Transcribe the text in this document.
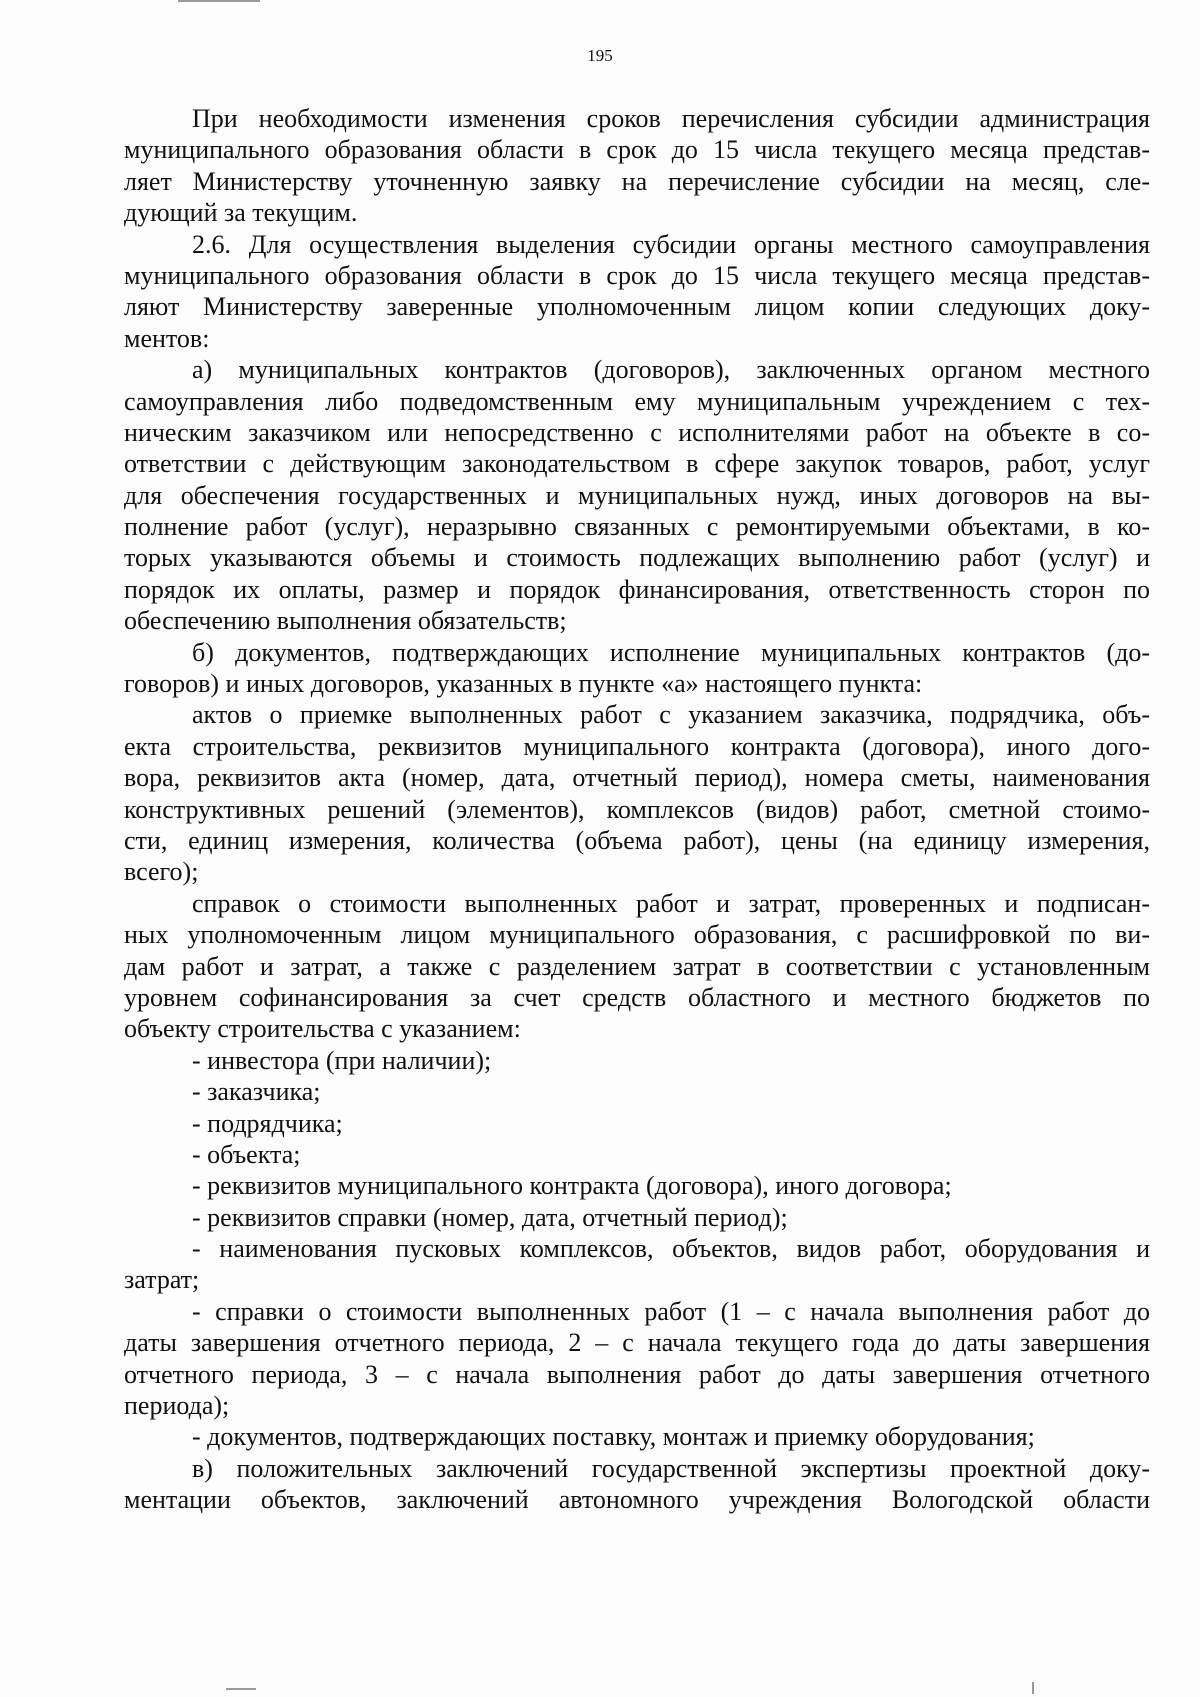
195
При необходимости изменения сроков перечисления субсидии администрация
муниципального образования области в срок до 15 числа текущего месяца представ-
ляет Министерству уточненную заявку на перечисление субсидии на месяц, сле-
дующий за текущим.
2.6. Для осуществления выделения субсидии органы местного самоуправления
муниципального образования области в срок до 15 числа текущего месяца представ-
ляют Министерству заверенные уполномоченным лицом копии следующих доку-
ментов:
а) муниципальных контрактов (договоров), заключенных органом местного
самоуправления либо подведомственным ему муниципальным учреждением с тех-
ническим заказчиком или непосредственно с исполнителями работ на объекте в со-
ответствии с действующим законодательством в сфере закупок товаров, работ, услуг
для обеспечения государственных и муниципальных нужд, иных договоров на вы-
полнение работ (услуг), неразрывно связанных с ремонтируемыми объектами, в ко-
торых указываются объемы и стоимость подлежащих выполнению работ (услуг) и
порядок их оплаты, размер и порядок финансирования, ответственность сторон по
обеспечению выполнения обязательств;
б) документов, подтверждающих исполнение муниципальных контрактов (до-
говоров) и иных договоров, указанных в пункте «а» настоящего пункта:
актов о приемке выполненных работ с указанием заказчика, подрядчика, объ-
екта строительства, реквизитов муниципального контракта (договора), иного дого-
вора, реквизитов акта (номер, дата, отчетный период), номера сметы, наименования
конструктивных решений (элементов), комплексов (видов) работ, сметной стоимо-
сти, единиц измерения, количества (объема работ), цены (на единицу измерения,
всего);
справок о стоимости выполненных работ и затрат, проверенных и подписан-
ных уполномоченным лицом муниципального образования, с расшифровкой по ви-
дам работ и затрат, а также с разделением затрат в соответствии с установленным
уровнем софинансирования за счет средств областного и местного бюджетов по
объекту строительства с указанием:
- инвестора (при наличии);
- заказчика;
- подрядчика;
- объекта;
- реквизитов муниципального контракта (договора), иного договора;
- реквизитов справки (номер, дата, отчетный период);
- наименования пусковых комплексов, объектов, видов работ, оборудования и
затрат;
- справки о стоимости выполненных работ (1 – с начала выполнения работ до
даты завершения отчетного периода, 2 – с начала текущего года до даты завершения
отчетного периода, 3 – с начала выполнения работ до даты завершения отчетного
периода);
- документов, подтверждающих поставку, монтаж и приемку оборудования;
в) положительных заключений государственной экспертизы проектной доку-
ментации объектов, заключений автономного учреждения Вологодской области
